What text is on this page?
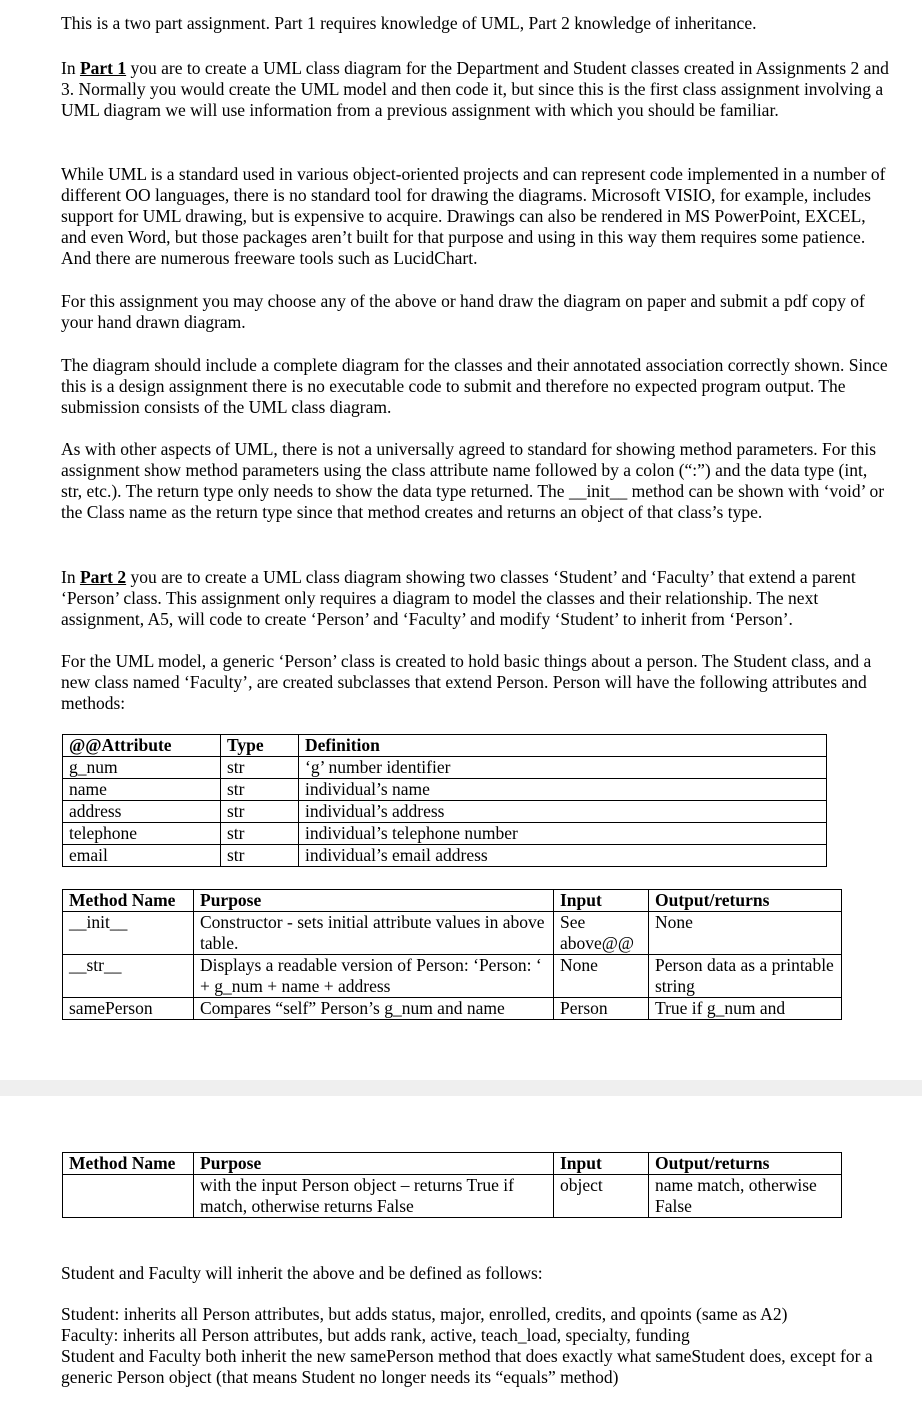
This is a two part assignment. Part 1 requires knowledge of UML, Part 2 knowledge of inheritance.

In Part 1 you are to create a UML class diagram for the Department and Student classes created in Assignments 2 and 3. Normally you would create the UML model and then code it, but since this is the first class assignment involving a UML diagram we will use information from a previous assignment with which you should be familiar.

While UML is a standard used in various object-oriented projects and can represent code implemented in a number of different OO languages, there is no standard tool for drawing the diagrams. Microsoft VISIO, for example, includes support for UML drawing, but is expensive to acquire. Drawings can also be rendered in MS PowerPoint, EXCEL, and even Word, but those packages aren’t built for that purpose and using in this way them requires some patience. And there are numerous freeware tools such as LucidChart.

For this assignment you may choose any of the above or hand draw the diagram on paper and submit a pdf copy of your hand drawn diagram.

The diagram should include a complete diagram for the classes and their annotated association correctly shown. Since this is a design assignment there is no executable code to submit and therefore no expected program output. The submission consists of the UML class diagram.

As with other aspects of UML, there is not a universally agreed to standard for showing method parameters. For this assignment show method parameters using the class attribute name followed by a colon (“:”) and the data type (int, str, etc.). The return type only needs to show the data type returned. The __init__ method can be shown with ‘void’ or the Class name as the return type since that method creates and returns an object of that class’s type.

In Part 2 you are to create a UML class diagram showing two classes ‘Student’ and ‘Faculty’ that extend a parent ‘Person’ class. This assignment only requires a diagram to model the classes and their relationship. The next assignment, A5, will code to create ‘Person’ and ‘Faculty’ and modify ‘Student’ to inherit from ‘Person’.

For the UML model, a generic ‘Person’ class is created to hold basic things about a person. The Student class, and a new class named ‘Faculty’, are created subclasses that extend Person. Person will have the following attributes and methods:

@@Attribute	Type	Definition
g_num	str	‘g’ number identifier
name	str	individual’s name
address	str	individual’s address
telephone	str	individual’s telephone number
email	str	individual’s email address
Method Name	Purpose	Input	Output/returns
__init__	Constructor - sets initial attribute values in above table.	See above@@	None
__str__	Displays a readable version of Person: ‘Person: ‘ + g_num + name + address	None	Person data as a printable string
samePerson	Compares “self” Person’s g_num and name	Person	True if g_num and
Method Name	Purpose	Input	Output/returns
	with the input Person object – returns True if match, otherwise returns False	object	name match, otherwise False

Student and Faculty will inherit the above and be defined as follows:

Student: inherits all Person attributes, but adds status, major, enrolled, credits, and qpoints (same as A2)

Faculty: inherits all Person attributes, but adds rank, active, teach_load, specialty, funding

Student and Faculty both inherit the new samePerson method that does exactly what sameStudent does, except for a generic Person object (that means Student no longer needs its “equals” method)
